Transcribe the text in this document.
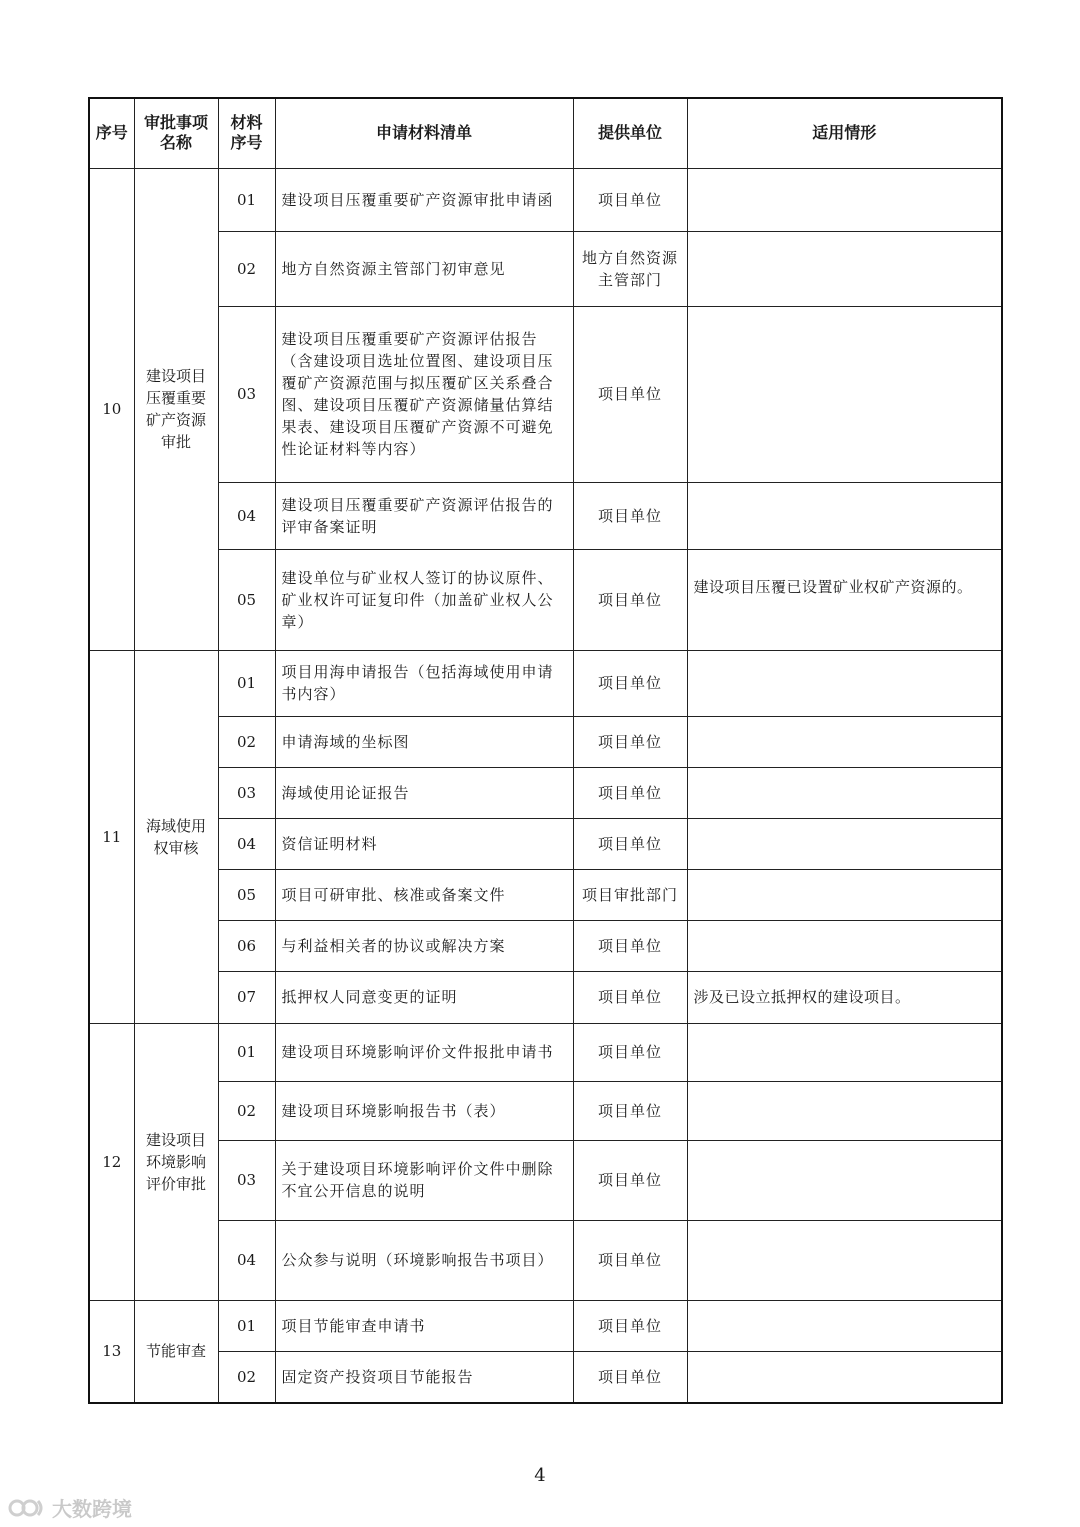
序号	审批事项名称	材料序号	申请材料清单	提供单位	适用情形
10	建设项目压覆重要矿产资源审批	01	建设项目压覆重要矿产资源审批申请函	项目单位	
		02	地方自然资源主管部门初审意见	地方自然资源主管部门	
		03	建设项目压覆重要矿产资源评估报告（含建设项目选址位置图、建设项目压覆矿产资源范围与拟压覆矿区关系叠合图、建设项目压覆矿产资源储量估算结果表、建设项目压覆矿产资源不可避免性论证材料等内容）	项目单位	
		04	建设项目压覆重要矿产资源评估报告的评审备案证明	项目单位	
		05	建设单位与矿业权人签订的协议原件、矿业权许可证复印件（加盖矿业权人公章）	项目单位	建设项目压覆已设置矿业权矿产资源的。
11	海域使用权审核	01	项目用海申请报告（包括海域使用申请书内容）	项目单位	
		02	申请海域的坐标图	项目单位	
		03	海域使用论证报告	项目单位	
		04	资信证明材料	项目单位	
		05	项目可研审批、核准或备案文件	项目审批部门	
		06	与利益相关者的协议或解决方案	项目单位	
		07	抵押权人同意变更的证明	项目单位	涉及已设立抵押权的建设项目。
12	建设项目环境影响评价审批	01	建设项目环境影响评价文件报批申请书	项目单位	
		02	建设项目环境影响报告书（表）	项目单位	
		03	关于建设项目环境影响评价文件中删除不宜公开信息的说明	项目单位	
		04	公众参与说明（环境影响报告书项目）	项目单位	
13	节能审查	01	项目节能审查申请书	项目单位	
		02	固定资产投资项目节能报告	项目单位	
4
大数跨境
